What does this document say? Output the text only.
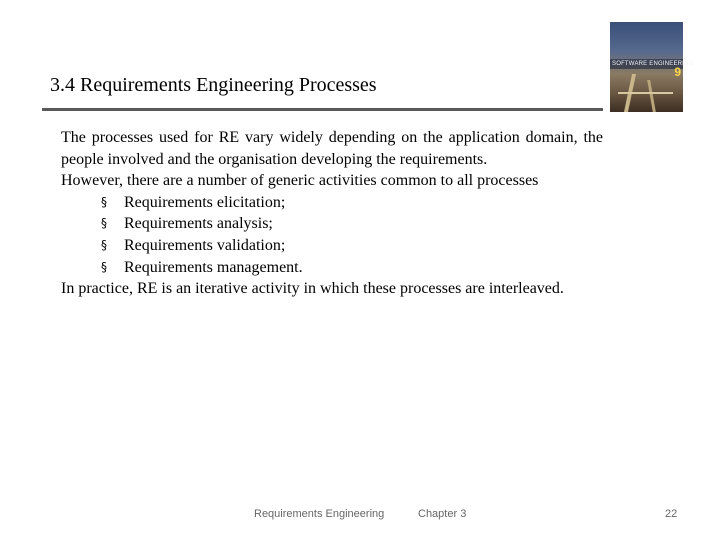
3.4 Requirements Engineering Processes
SOFTWARE ENGINEERING
9
The processes used for RE vary widely depending on the application domain, the people involved and the organisation developing the requirements.
However, there are a number of generic activities common to all processes
§	Requirements elicitation;
§	Requirements analysis;
§	Requirements validation;
§	Requirements management.
In practice, RE is an iterative activity in which these processes are interleaved.
Requirements Engineering	Chapter 3	22
